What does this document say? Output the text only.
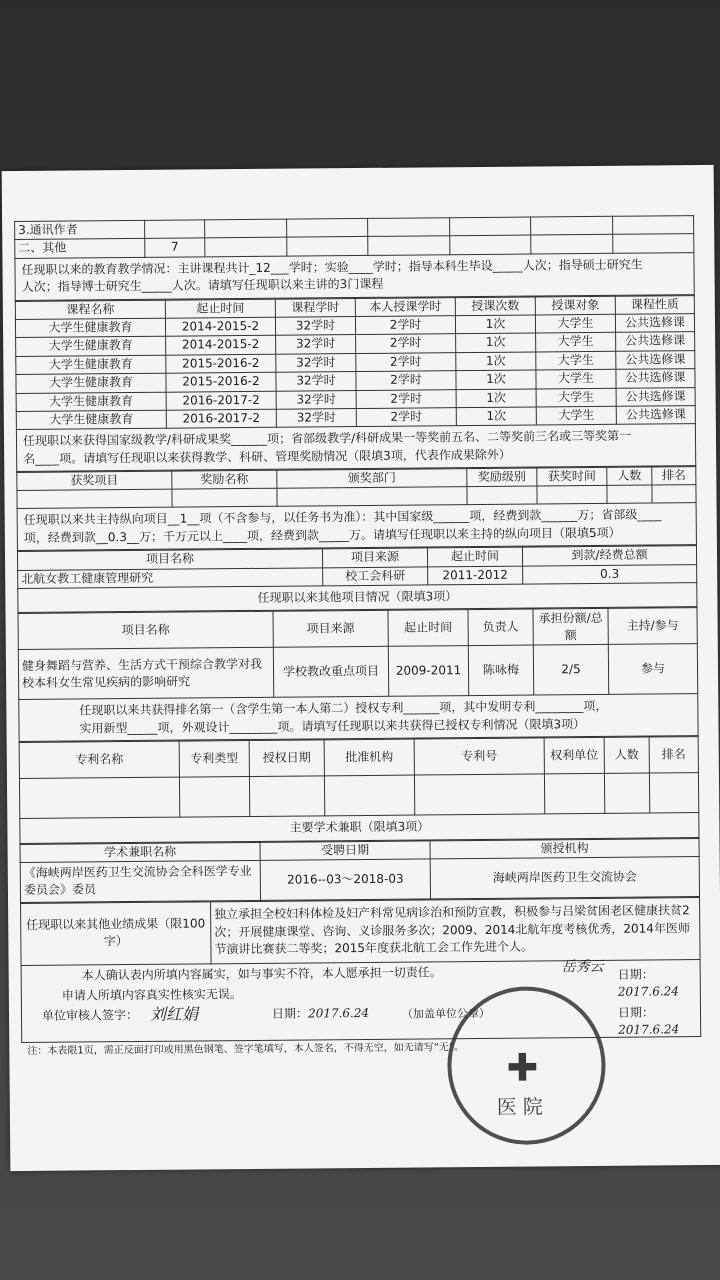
3.通讯作者							
二、其他	7						
任现职以来的教育教学情况：主讲课程共计_12___学时；实验____学时；指导本科生毕设_____人次；指导硕士研究生
人次；指导博士研究生_____人次。请填写任现职以来主讲的3门课程
课程名称	起止时间	课程学时	本人授课学时	授课次数	授课对象	课程性质
大学生健康教育	2014-2015-2	32学时	2学时	1次	大学生	公共选修课
大学生健康教育	2014-2015-2	32学时	2学时	1次	大学生	公共选修课
大学生健康教育	2015-2016-2	32学时	2学时	1次	大学生	公共选修课
大学生健康教育	2015-2016-2	32学时	2学时	1次	大学生	公共选修课
大学生健康教育	2016-2017-2	32学时	2学时	1次	大学生	公共选修课
大学生健康教育	2016-2017-2	32学时	2学时	1次	大学生	公共选修课
任现职以来获得国家级教学/科研成果奖______项；省部级教学/科研成果一等奖前五名、二等奖前三名或三等奖第一
名____项。请填写任现职以来获得教学、科研、管理奖励情况（限填3项，代表作成果除外）
获奖项目	奖励名称	颁奖部门	奖励级别	获奖时间	人数	排名

任现职以来共主持纵向项目__1__项（不含参与，以任务书为准）：其中国家级______项，经费到款______万；省部级____
项，经费到款__0.3__万；千万元以上____项，经费到款_____万。请填写任现职以来主持的纵向项目（限填5项）
项目名称	项目来源	起止时间	到款/经费总额
北航女教工健康管理研究	校工会科研	2011-2012	0.3
任现职以来其他项目情况（限填3项）
项目名称	项目来源	起止时间	负责人	承担份额/总额	主持/参与
健身舞蹈与营养、生活方式干预综合教学对我校本科女生常见疾病的影响研究	学校教改重点项目	2009-2011	陈咏梅	2/5	参与
任现职以来共获得排名第一（含学生第一本人第二）授权专利______项，其中发明专利________项，
实用新型_____项，外观设计________项。请填写任现职以来共获得已授权专利情况（限填3项）
专利名称	专利类型	授权日期	批准机构	专利号	权利单位	人数	排名

主要学术兼职（限填3项）
学术兼职名称	受聘日期	颁授机构
《海峡两岸医药卫生交流协会全科医学专业委员会》委员	2016--03～2018-03	海峡两岸医药卫生交流协会
任现职以来其他业绩成果（限100字）	独立承担全校妇科体检及妇产科常见病诊治和预防宣教，积极参与吕梁贫困老区健康扶贫2次；开展健康课堂、咨询、义诊服务多次；2009、2014北航年度考核优秀，2014年医师节演讲比赛获二等奖；2015年度获北航工会工作先进个人。
本人确认表内所填内容属实，如与事实不符，本人愿承担一切责任。	岳秀云 日期：2017.6.24
申请人所填内容真实性核实无误。
单位审核人签字： 刘红娟	日期：2017.6.24	（加盖单位公章）	日期：2017.6.24
注：本表限1页，需正反面打印或用黑色钢笔、签字笔填写，本人签名，不得无空，如无请写“无”。	✚
医院
